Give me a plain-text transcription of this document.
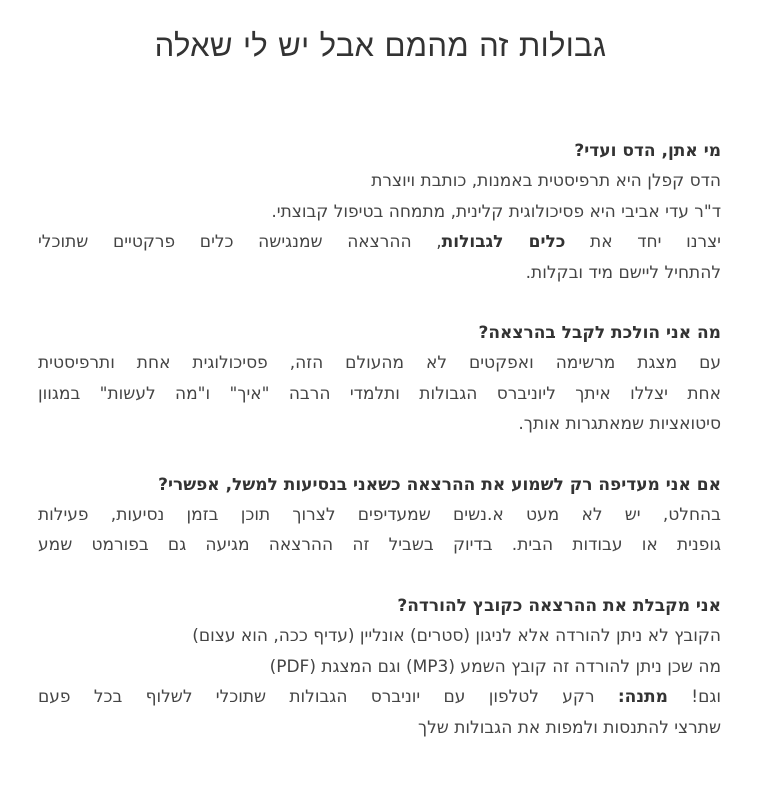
גבולות זה מהמם אבל יש לי שאלה
מי אתן, הדס ועדי?
הדס קפלן היא תרפיסטית באמנות, כותבת ויוצרת
ד"ר עדי אביבי היא פסיכולוגית קלינית, מתמחה בטיפול קבוצתי.
יצרנו יחד את כלים לגבולות, ההרצאה שמנגישה כלים פרקטיים שתוכלי
להתחיל ליישם מיד ובקלות.
מה אני הולכת לקבל בהרצאה?
עם מצגת מרשימה ואפקטים לא מהעולם הזה, פסיכולוגית אחת ותרפיסטית
אחת יצללו איתך ליוניברס הגבולות ותלמדי הרבה "איך" ו"מה לעשות" במגוון
סיטואציות שמאתגרות אותך.
אם אני מעדיפה רק לשמוע את ההרצאה כשאני בנסיעות למשל, אפשרי?
בהחלט, יש לא מעט א.נשים שמעדיפים לצרוך תוכן בזמן נסיעות, פעילות
גופנית או עבודות הבית. בדיוק בשביל זה ההרצאה מגיעה גם בפורמט שמע
אני מקבלת את ההרצאה כקובץ להורדה?
הקובץ לא ניתן להורדה אלא לניגון (סטרים) אונליין (עדיף ככה, הוא עצום)
מה שכן ניתן להורדה זה קובץ השמע (MP3) וגם המצגת (PDF)
וגם! מתנה: רקע לטלפון עם יוניברס הגבולות שתוכלי לשלוף בכל פעם
שתרצי להתנסות ולמפות את הגבולות שלך
